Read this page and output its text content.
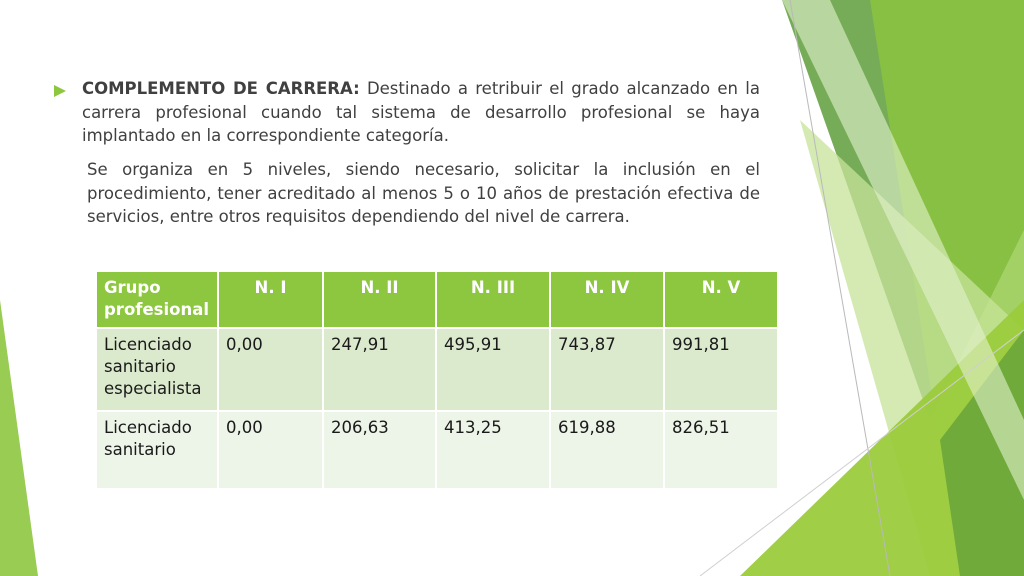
COMPLEMENTO DE CARRERA: Destinado a retribuir el grado alcanzado en la carrera profesional cuando tal sistema de desarrollo profesional se haya implantado en la correspondiente categoría.
Se organiza en 5 niveles, siendo necesario, solicitar la inclusión en el procedimiento, tener acreditado al menos 5 o 10 años de prestación efectiva de servicios, entre otros requisitos dependiendo del nivel de carrera.
Grupo profesional	N. I	N. II	N. III	N. IV	N. V
Licenciado sanitario especialista	0,00	247,91	495,91	743,87	991,81
Licenciado sanitario	0,00	206,63	413,25	619,88	826,51
